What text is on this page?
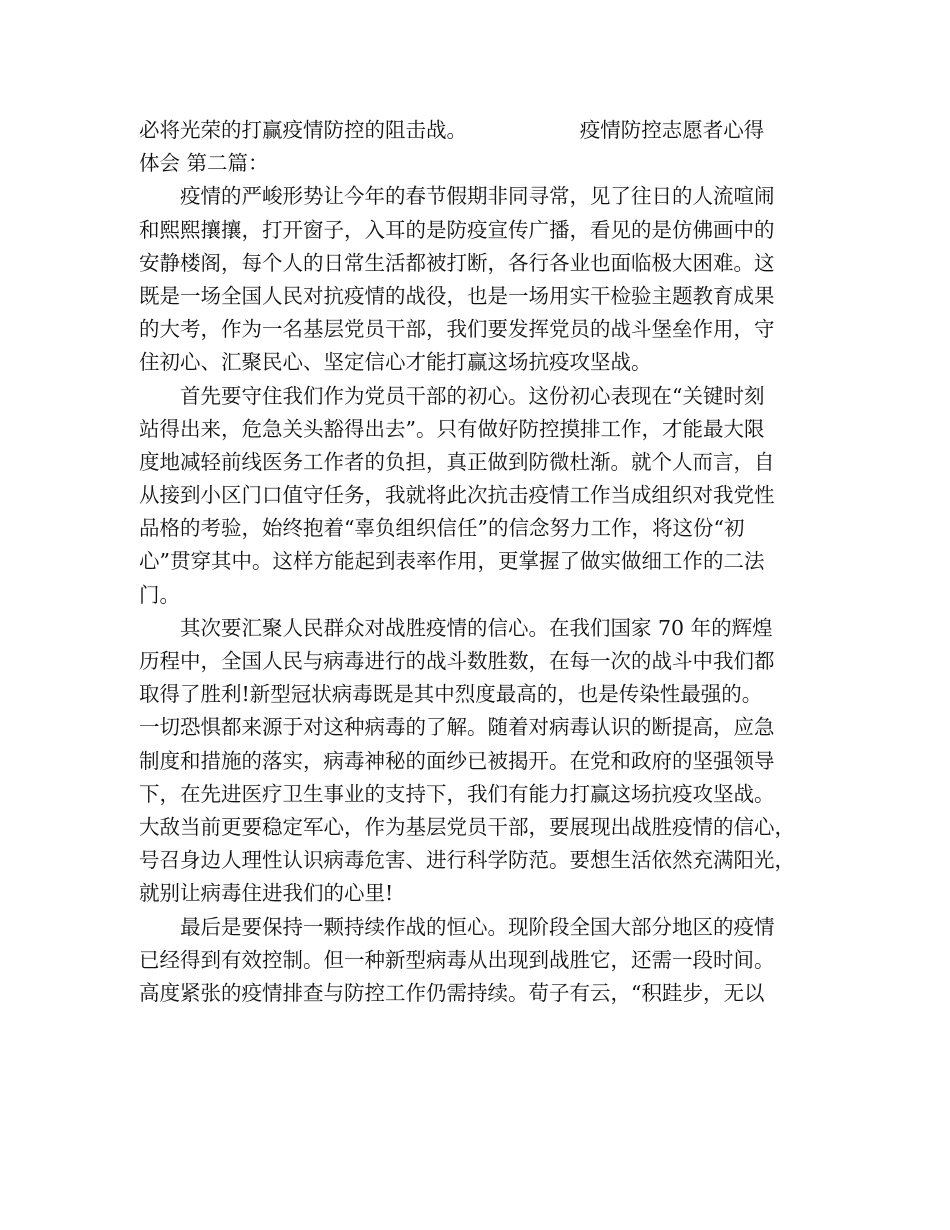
必将光荣的打赢疫情防控的阻击战。　　　　　　疫情防控志愿者心得
体会 第二篇：
　　疫情的严峻形势让今年的春节假期非同寻常，见了往日的人流喧闹
和熙熙攘攘，打开窗子，入耳的是防疫宣传广播，看见的是仿佛画中的
安静楼阁，每个人的日常生活都被打断，各行各业也面临极大困难。这
既是一场全国人民对抗疫情的战役，也是一场用实干检验主题教育成果
的大考，作为一名基层党员干部，我们要发挥党员的战斗堡垒作用，守
住初心、汇聚民心、坚定信心才能打赢这场抗疫攻坚战。
　　首先要守住我们作为党员干部的初心。这份初心表现在“关键时刻
站得出来，危急关头豁得出去”。只有做好防控摸排工作，才能最大限
度地减轻前线医务工作者的负担，真正做到防微杜渐。就个人而言，自
从接到小区门口值守任务，我就将此次抗击疫情工作当成组织对我党性
品格的考验，始终抱着“辜负组织信任”的信念努力工作，将这份“初
心”贯穿其中。这样方能起到表率作用，更掌握了做实做细工作的二法
门。
　　其次要汇聚人民群众对战胜疫情的信心。在我们国家 70 年的辉煌
历程中，全国人民与病毒进行的战斗数胜数，在每一次的战斗中我们都
取得了胜利!新型冠状病毒既是其中烈度最高的，也是传染性最强的。
一切恐惧都来源于对这种病毒的了解。随着对病毒认识的断提高，应急
制度和措施的落实，病毒神秘的面纱已被揭开。在党和政府的坚强领导
下，在先进医疗卫生事业的支持下，我们有能力打赢这场抗疫攻坚战。
大敌当前更要稳定军心，作为基层党员干部，要展现出战胜疫情的信心，
号召身边人理性认识病毒危害、进行科学防范。要想生活依然充满阳光，
就别让病毒住进我们的心里!
　　最后是要保持一颗持续作战的恒心。现阶段全国大部分地区的疫情
已经得到有效控制。但一种新型病毒从出现到战胜它，还需一段时间。
高度紧张的疫情排查与防控工作仍需持续。荀子有云，“积跬步，无以
